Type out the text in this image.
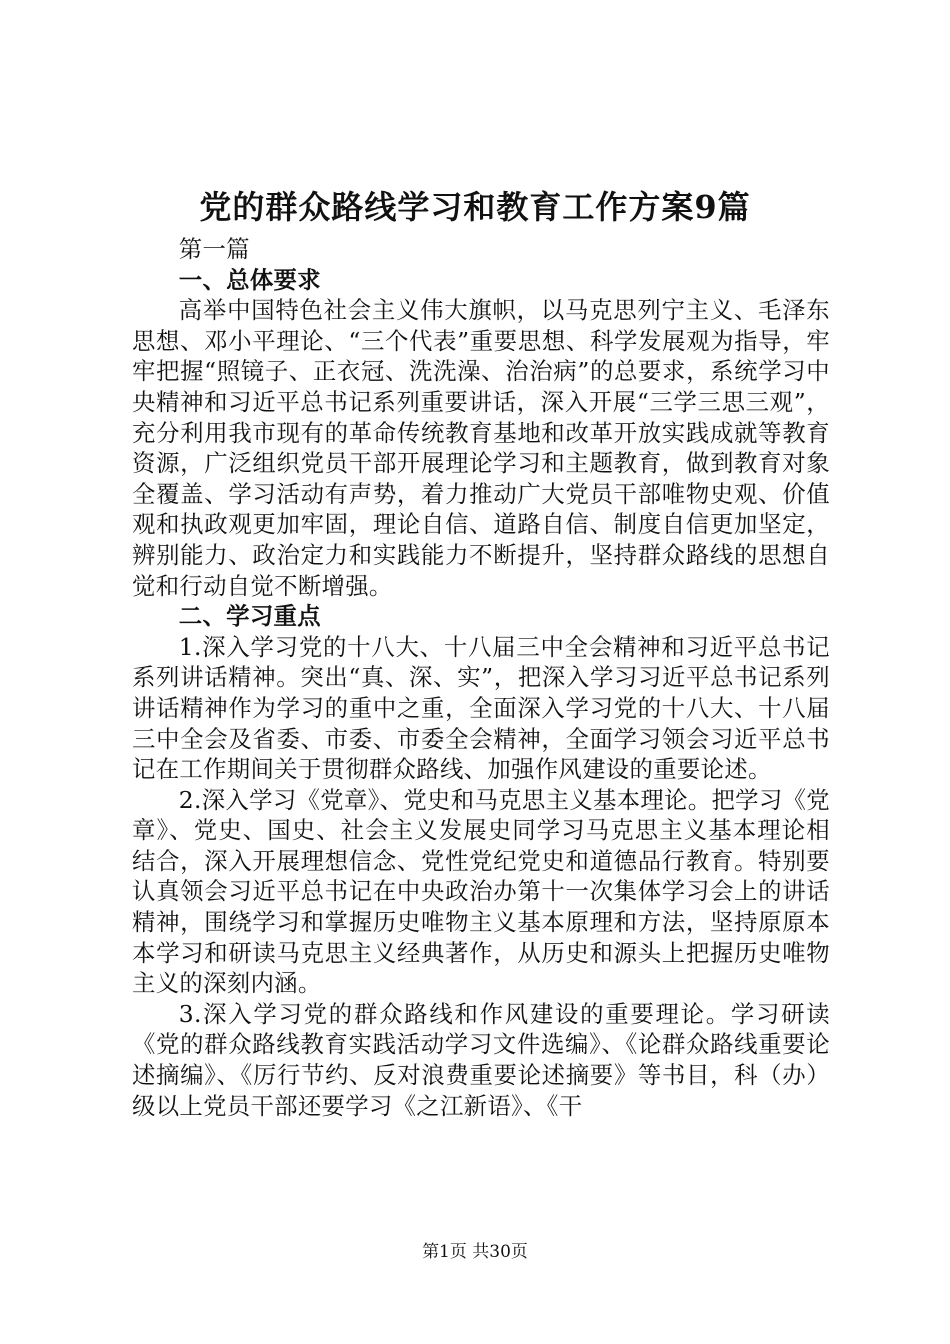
党的群众路线学习和教育工作方案9篇

第一篇

一、总体要求

高举中国特色社会主义伟大旗帜，以马克思列宁主义、毛泽东思想、邓小平理论、“三个代表”重要思想、科学发展观为指导，牢牢把握“照镜子、正衣冠、洗洗澡、治治病”的总要求，系统学习中央精神和习近平总书记系列重要讲话，深入开展“三学三思三观”，充分利用我市现有的革命传统教育基地和改革开放实践成就等教育资源，广泛组织党员干部开展理论学习和主题教育，做到教育对象全覆盖、学习活动有声势，着力推动广大党员干部唯物史观、价值观和执政观更加牢固，理论自信、道路自信、制度自信更加坚定，辨别能力、政治定力和实践能力不断提升，坚持群众路线的思想自觉和行动自觉不断增强。

二、学习重点

1.深入学习党的十八大、十八届三中全会精神和习近平总书记系列讲话精神。突出“真、深、实”，把深入学习习近平总书记系列讲话精神作为学习的重中之重，全面深入学习党的十八大、十八届三中全会及省委、市委、市委全会精神，全面学习领会习近平总书记在工作期间关于贯彻群众路线、加强作风建设的重要论述。

2.深入学习《党章》、党史和马克思主义基本理论。把学习《党章》、党史、国史、社会主义发展史同学习马克思主义基本理论相结合，深入开展理想信念、党性党纪党史和道德品行教育。特别要认真领会习近平总书记在中央政治办第十一次集体学习会上的讲话精神，围绕学习和掌握历史唯物主义基本原理和方法，坚持原原本本学习和研读马克思主义经典著作，从历史和源头上把握历史唯物主义的深刻内涵。

3.深入学习党的群众路线和作风建设的重要理论。学习研读《党的群众路线教育实践活动学习文件选编》、《论群众路线重要论述摘编》、《厉行节约、反对浪费重要论述摘要》等书目，科（办）级以上党员干部还要学习《之江新语》、《干

第1页 共30页
